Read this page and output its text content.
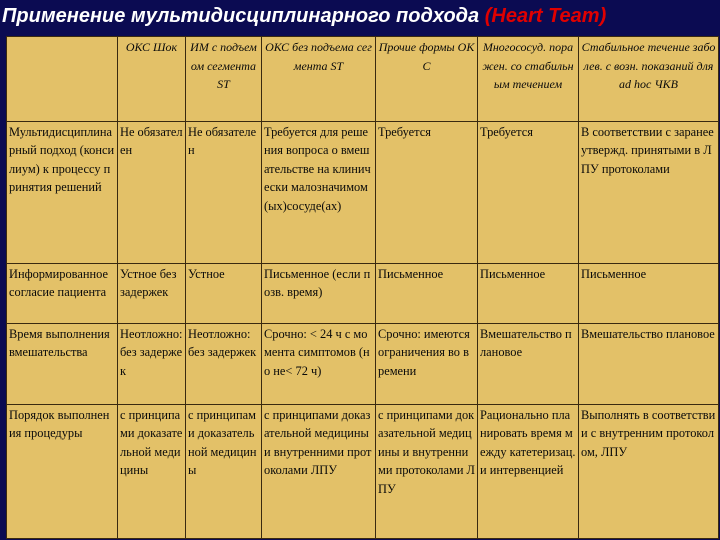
Применение мультидисциплинарного подхода (Heart Team)
	ОКС Шок	ИМ с подъемом сегмента ST	ОКС без подъема сегмента ST	Прочие формы ОКС	Многососуд. поражен. со стабильным течением	Стабильное течение заболев. с возн. показаний для ad hoc ЧКВ
Мультидисциплинарный подход (консилиум) к процессу принятия решений	Не обязателен	Не обязателен	Требуется для решения вопроса о вмешательстве на клинически малозначимом(ых)сосуде(ах)	Требуется	Требуется	В соответствии с заранее утвержд. принятыми в ЛПУ протоколами
Информированное согласие пациента	Устное без задержек	Устное	Письменное (если позв. время)	Письменное	Письменное	Письменное
Время выполнения вмешательства	Неотложно: без задержек	Неотложно: без задержек	Срочно: < 24 ч с момента симптомов (но не< 72 ч)	Срочно: имеются ограничения во времени	Вмешательство плановое	Вмешательство плановое
Порядок выполнения процедуры	с принципами доказательной медицины	с принципами доказательной медицины	с принципами доказательной медицины и внутренними протоколами ЛПУ	с принципами доказательной медицины и внутренними протоколами ЛПУ	Рационально планировать время между катетеризац. и интервенцией	Выполнять в соответствии с внутренним протоколом, ЛПУ
